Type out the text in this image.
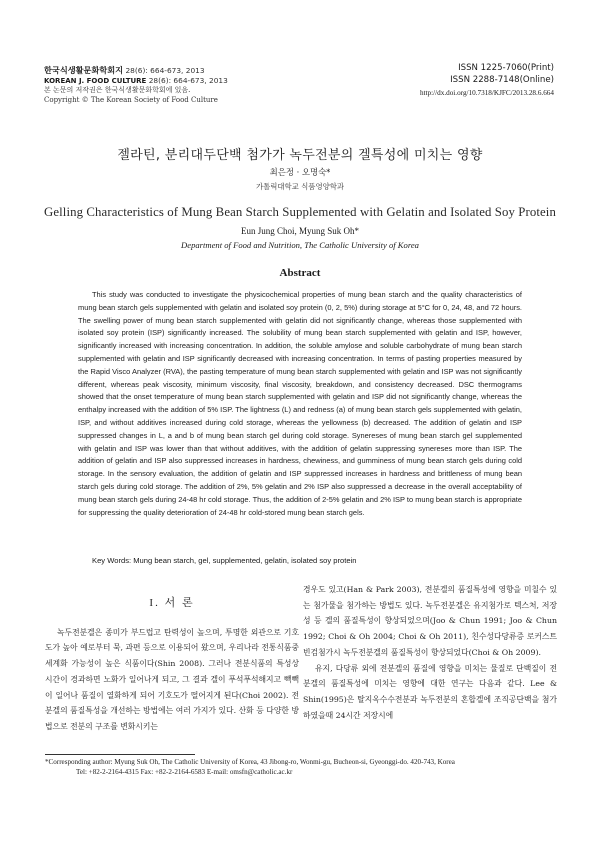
한국식생활문화학회지 28(6): 664-673, 2013
KOREAN J. FOOD CULTURE 28(6): 664-673, 2013
본 논문의 저작권은 한국식생활문화학회에 있음.
Copyright © The Korean Society of Food Culture
ISSN 1225-7060(Print)
ISSN 2288-7148(Online)
http://dx.doi.org/10.7318/KJFC/2013.28.6.664
젤라틴, 분리대두단백 첨가가 녹두전분의 겔특성에 미치는 영향
최은정 · 오명숙*
가톨릭대학교 식품영양학과
Gelling Characteristics of Mung Bean Starch Supplemented with Gelatin and Isolated Soy Protein
Eun Jung Choi, Myung Suk Oh*
Department of Food and Nutrition, The Catholic University of Korea
Abstract
This study was conducted to investigate the physicochemical properties of mung bean starch and the quality characteristics of mung bean starch gels supplemented with gelatin and isolated soy protein (0, 2, 5%) during storage at 5°C for 0, 24, 48, and 72 hours. The swelling power of mung bean starch supplemented with gelatin did not significantly change, whereas those supplemented with isolated soy protein (ISP) significantly increased. The solubility of mung bean starch supplemented with gelatin and ISP, however, significantly increased with increasing concentration. In addition, the soluble amylose and soluble carbohydrate of mung bean starch supplemented with gelatin and ISP significantly decreased with increasing concentration. In terms of pasting properties measured by the Rapid Visco Analyzer (RVA), the pasting temperature of mung bean starch supplemented with gelatin and ISP was not significantly different, whereas peak viscosity, minimum viscosity, final viscosity, breakdown, and consistency decreased. DSC thermograms showed that the onset temperature of mung bean starch supplemented with gelatin and ISP did not significantly change, whereas the enthalpy increased with the addition of 5% ISP. The lightness (L) and redness (a) of mung bean starch gels supplemented with gelatin, ISP, and without additives increased during cold storage, whereas the yellowness (b) decreased. The addition of gelatin and ISP suppressed changes in L, a and b of mung bean starch gel during cold storage. Synereses of mung bean starch gel supplemented with gelatin and ISP was lower than that without additives, with the addition of gelatin suppressing synereses more than ISP. The addition of gelatin and ISP also suppressed increases in hardness, chewiness, and gumminess of mung bean starch gels during cold storage. In the sensory evaluation, the addition of gelatin and ISP suppressed increases in hardness and brittleness of mung bean starch gels during cold storage. The addition of 2%, 5% gelatin and 2% ISP also suppressed a decrease in the overall acceptability of mung bean starch gels during 24-48 hr cold storage. Thus, the addition of 2-5% gelatin and 2% ISP to mung bean starch is appropriate for suppressing the quality deterioration of 24-48 hr cold-stored mung bean starch gels.
Key Words: Mung bean starch, gel, supplemented, gelatin, isolated soy protein
I. 서 론

녹두전분겔은 종미가 부드럽고 탄력성이 높으며, 투명한 외관으로 기호도가 높아 예로부터 묵, 과편 등으로 이용되어 왔으며, 우리나라 전통식품중 세계화 가능성이 높은 식품이다(Shin 2008). 그러나 전분식품의 특성상 시간이 경과하면 노화가 일어나게 되고, 그 결과 겔이 푸석푸석해지고 빽빽이 일어나 품질이 열화하게 되어 기호도가 떨어지게 된다(Choi 2002). 전분겔의 품질특성을 개선하는 방법에는 여러 가지가 있다. 산화 등 다양한 방법으로 전분의 구조를 변화시키는

경우도 있고(Han & Park 2003), 전분겔의 품질특성에 영향을 미칠수 있는 첨가물을 첨가하는 방법도 있다. 녹두전분겔은 유지첨가로 텍스처, 저장성 등 겔의 품질특성이 향상되었으며(Joo & Chun 1991; Joo & Chun 1992; Choi & Oh 2004; Choi & Oh 2011), 친수성다당류증 로커스트빈검첨가시 녹두전분겔의 품질특성이 향상되었다(Choi & Oh 2009).

유지, 다당류 외에 전분겔의 품질에 영향을 미치는 물질로 단백질이 전분겔의 품질특성에 미치는 영향에 대한 연구는 다음과 같다. Lee & Shin(1995)은 탈지옥수수전분과 녹두전분의 혼합겔에 조직공단백을 첨가하였을때 24시간 저장시에

*Corresponding author: Myung Suk Oh, The Catholic University of Korea, 43 Jibong-ro, Wonmi-gu, Bucheon-si, Gyeonggi-do. 420-743, Korea
Tel: +82-2-2164-4315 Fax: +82-2-2164-6583 E-mail: omsfn@catholic.ac.kr
